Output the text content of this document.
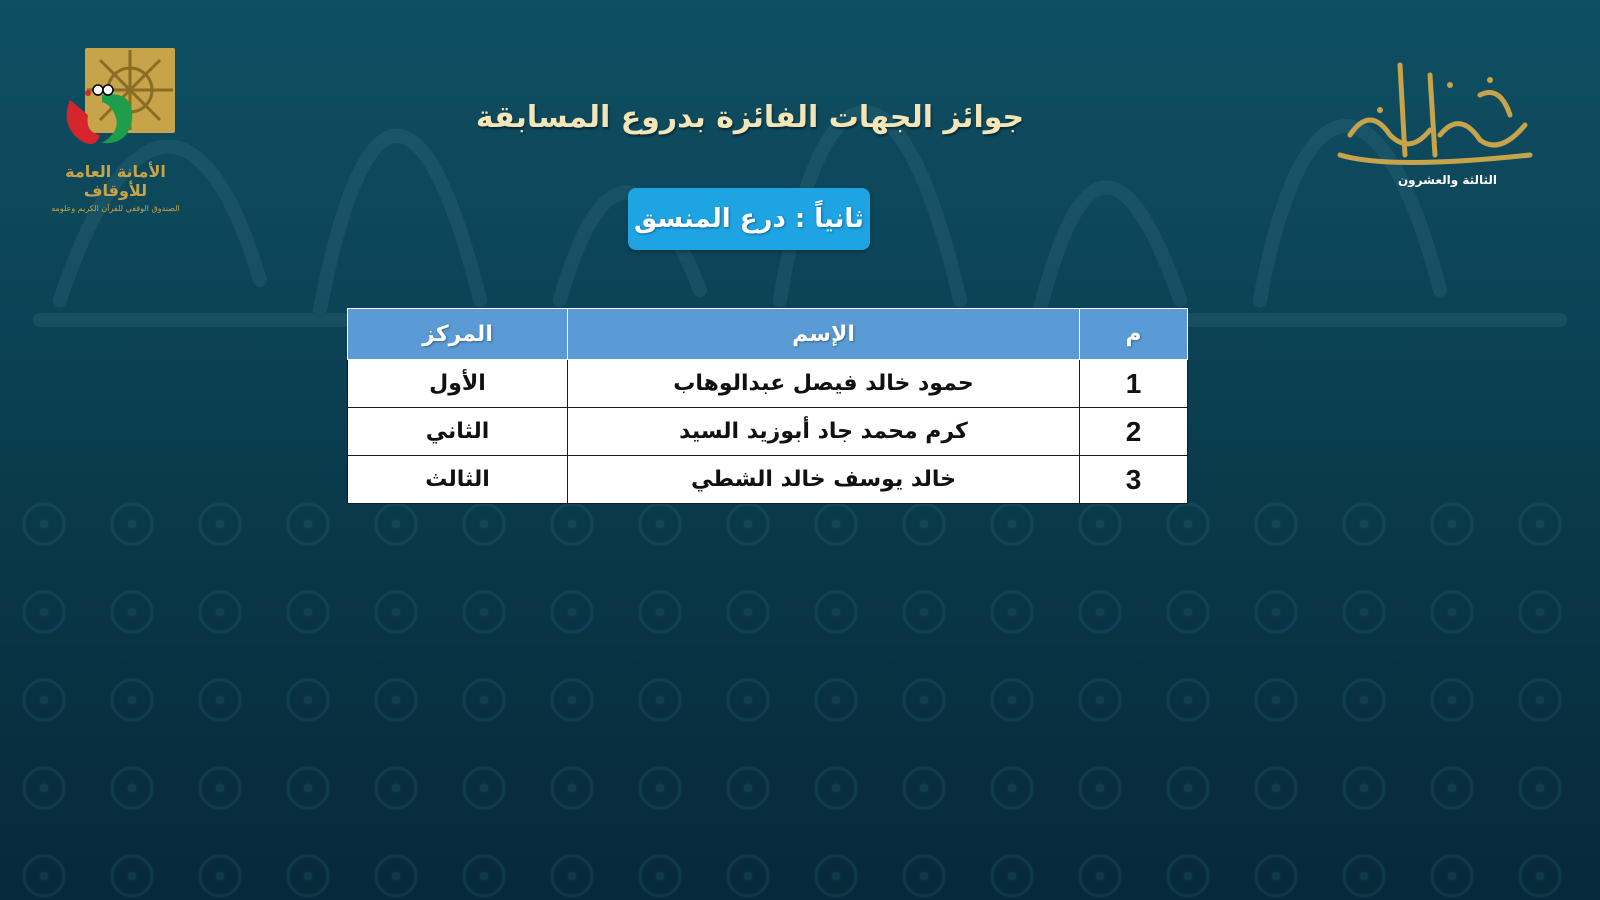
الأمانة العامة للأوقاف
الصندوق الوقفي للقرآن الكريم وعلومه
الثالثة والعشرون
جوائز الجهات الفائزة بدروع المسابقة
ثانياً : درع المنسق
م	الإسم	المركز
1	حمود خالد فيصل عبدالوهاب	الأول
2	كرم محمد جاد أبوزيد السيد	الثاني
3	خالد يوسف خالد الشطي	الثالث
